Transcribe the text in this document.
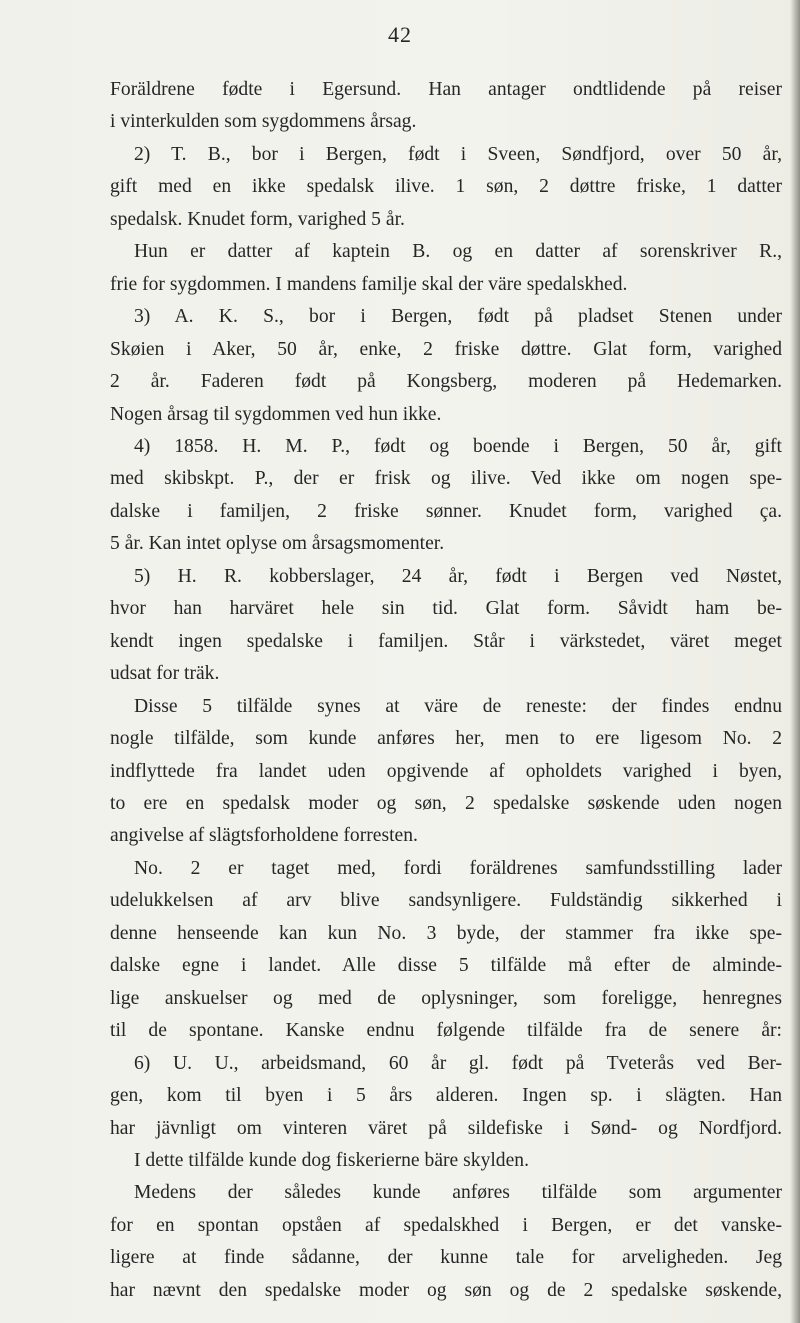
42
Foräldrene fødte i Egersund. Han antager ondtlidende på reiser
i vinterkulden som sygdommens årsag.
2) T. B., bor i Bergen, født i Sveen, Søndfjord, over 50 år,
gift med en ikke spedalsk ilive. 1 søn, 2 døttre friske, 1 datter
spedalsk. Knudet form, varighed 5 år.
Hun er datter af kaptein B. og en datter af sorenskriver R.,
frie for sygdommen. I mandens familje skal der väre spedalskhed.
3) A. K. S., bor i Bergen, født på pladset Stenen under
Skøien i Aker, 50 år, enke, 2 friske døttre. Glat form, varighed
2 år. Faderen født på Kongsberg, moderen på Hedemarken.
Nogen årsag til sygdommen ved hun ikke.
4) 1858. H. M. P., født og boende i Bergen, 50 år, gift
med skibskpt. P., der er frisk og ilive. Ved ikke om nogen spe-
dalske i familjen, 2 friske sønner. Knudet form, varighed ça.
5 år. Kan intet oplyse om årsagsmomenter.
5) H. R. kobberslager, 24 år, født i Bergen ved Nøstet,
hvor han harväret hele sin tid. Glat form. Såvidt ham be-
kendt ingen spedalske i familjen. Står i värkstedet, väret meget
udsat for träk.
Disse 5 tilfälde synes at väre de reneste: der findes endnu
nogle tilfälde, som kunde anføres her, men to ere ligesom No. 2
indflyttede fra landet uden opgivende af opholdets varighed i byen,
to ere en spedalsk moder og søn, 2 spedalske søskende uden nogen
angivelse af slägtsforholdene forresten.
No. 2 er taget med, fordi foräldrenes samfundsstilling lader
udelukkelsen af arv blive sandsynligere. Fuldständig sikkerhed i
denne henseende kan kun No. 3 byde, der stammer fra ikke spe-
dalske egne i landet. Alle disse 5 tilfälde må efter de alminde-
lige anskuelser og med de oplysninger, som foreligge, henregnes
til de spontane. Kanske endnu følgende tilfälde fra de senere år:
6) U. U., arbeidsmand, 60 år gl. født på Tveterås ved Ber-
gen, kom til byen i 5 års alderen. Ingen sp. i slägten. Han
har jävnligt om vinteren väret på sildefiske i Sønd- og Nordfjord.
I dette tilfälde kunde dog fiskerierne bäre skylden.
Medens der således kunde anføres tilfälde som argumenter
for en spontan opståen af spedalskhed i Bergen, er det vanske-
ligere at finde sådanne, der kunne tale for arveligheden. Jeg
har nævnt den spedalske moder og søn og de 2 spedalske søskende,
